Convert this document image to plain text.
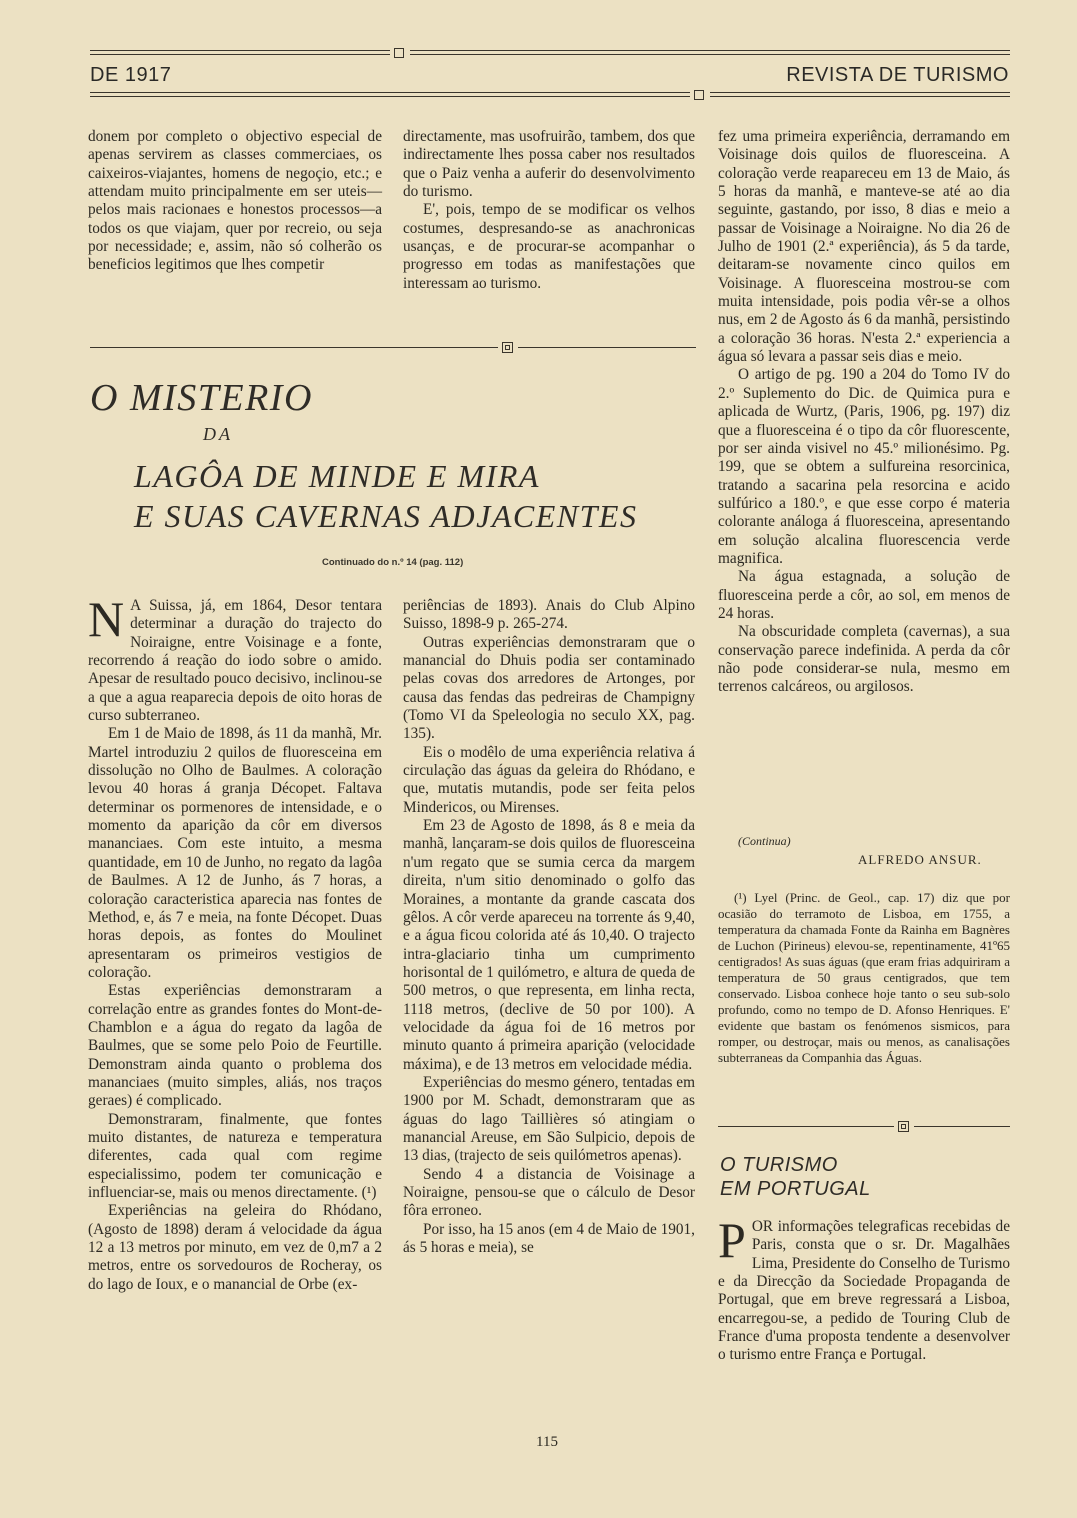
DE 1917	REVISTA DE TURISMO

donem por completo o objectivo especial de apenas servirem as classes commerciaes, os caixeiros-viajantes, homens de negoçio, etc.; e attendam muito principalmente em ser uteis—pelos mais racionaes e honestos processos—a todos os que viajam, quer por recreio, ou seja por necessidade; e, assim, não só colherão os beneficios legitimos que lhes competir

directamente, mas usofruirão, tambem, dos que indirectamente lhes possa caber nos resultados que o Paiz venha a auferir do desenvolvimento do turismo.

E', pois, tempo de se modificar os velhos costumes, despresando-se as anachronicas usanças, e de procurar-se acompanhar o progresso em todas as manifestações que interessam ao turismo.

O MISTERIO
DA
LAGÔA DE MINDE E MIRA
E SUAS CAVERNAS ADJACENTES
Continuado do n.º 14 (pag. 112)

N A Suissa, já, em 1864, Desor tentara determinar a duração do trajecto do Noiraigne, entre Voisinage e a fonte, recorrendo á reação do iodo sobre o amido. Apesar de resultado pouco decisivo, inclinou-se a que a agua reaparecia depois de oito horas de curso subterraneo.

Em 1 de Maio de 1898, ás 11 da manhã, Mr. Martel introduziu 2 quilos de fluoresceina em dissolução no Olho de Baulmes. A coloração levou 40 horas á granja Décopet. Faltava determinar os pormenores de intensidade, e o momento da aparição da côr em diversos mananciaes. Com este intuito, a mesma quantidade, em 10 de Junho, no regato da lagôa de Baulmes. A 12 de Junho, ás 7 horas, a coloração caracteristica aparecia nas fontes de Method, e, ás 7 e meia, na fonte Décopet. Duas horas depois, as fontes do Moulinet apresentaram os primeiros vestigios de coloração.

Estas experiências demonstraram a correlação entre as grandes fontes do Mont-de-Chamblon e a água do regato da lagôa de Baulmes, que se some pelo Poio de Feurtille. Demonstram ainda quanto o problema dos mananciaes (muito simples, aliás, nos traços geraes) é complicado.

Demonstraram, finalmente, que fontes muito distantes, de natureza e temperatura diferentes, cada qual com regime especialissimo, podem ter comunicação e influenciar-se, mais ou menos directamente. (¹)

Experiências na geleira do Rhódano, (Agosto de 1898) deram á velocidade da água 12 a 13 metros por minuto, em vez de 0,m7 a 2 metros, entre os sorvedouros de Rocheray, os do lago de Ioux, e o manancial de Orbe (ex-

periências de 1893). Anais do Club Alpino Suisso, 1898-9 p. 265-274.

Outras experiências demonstraram que o manancial do Dhuis podia ser contaminado pelas covas dos arredores de Artonges, por causa das fendas das pedreiras de Champigny (Tomo VI da Speleologia no seculo XX, pag. 135).

Eis o modêlo de uma experiência relativa á circulação das águas da geleira do Rhódano, e que, mutatis mutandis, pode ser feita pelos Mindericos, ou Mirenses.

Em 23 de Agosto de 1898, ás 8 e meia da manhã, lançaram-se dois quilos de fluoresceina n'um regato que se sumia cerca da margem direita, n'um sitio denominado o golfo das Moraines, a montante da grande cascata dos gêlos. A côr verde apareceu na torrente ás 9,40, e a água ficou colorida até ás 10,40. O trajecto intra-glaciario tinha um cumprimento horisontal de 1 quilómetro, e altura de queda de 500 metros, o que representa, em linha recta, 1118 metros, (declive de 50 por 100). A velocidade da água foi de 16 metros por minuto quanto á primeira aparição (velocidade máxima), e de 13 metros em velocidade média.

Experiências do mesmo género, tentadas em 1900 por M. Schadt, demonstraram que as águas do lago Taillières só atingiam o manancial Areuse, em São Sulpicio, depois de 13 dias, (trajecto de seis quilómetros apenas).

Sendo 4 a distancia de Voisinage a Noiraigne, pensou-se que o cálculo de Desor fôra erroneo.

Por isso, ha 15 anos (em 4 de Maio de 1901, ás 5 horas e meia), se

fez uma primeira experiência, derramando em Voisinage dois quilos de fluoresceina. A coloração verde reapareceu em 13 de Maio, ás 5 horas da manhã, e manteve-se até ao dia seguinte, gastando, por isso, 8 dias e meio a passar de Voisinage a Noiraigne. No dia 26 de Julho de 1901 (2.ª experiência), ás 5 da tarde, deitaram-se novamente cinco quilos em Voisinage. A fluoresceina mostrou-se com muita intensidade, pois podia vêr-se a olhos nus, em 2 de Agosto ás 6 da manhã, persistindo a coloração 36 horas. N'esta 2.ª experiencia a água só levara a passar seis dias e meio.

O artigo de pg. 190 a 204 do Tomo IV do 2.º Suplemento do Dic. de Quimica pura e aplicada de Wurtz, (Paris, 1906, pg. 197) diz que a fluoresceina é o tipo da côr fluorescente, por ser ainda visivel no 45.º milionésimo. Pg. 199, que se obtem a sulfureina resorcinica, tratando a sacarina pela resorcina e acido sulfúrico a 180.º, e que esse corpo é materia colorante análoga á fluoresceina, apresentando em solução alcalina fluorescencia verde magnifica.

Na água estagnada, a solução de fluoresceina perde a côr, ao sol, em menos de 24 horas.

Na obscuridade completa (cavernas), a sua conservação parece indefinida. A perda da côr não pode considerar-se nula, mesmo em terrenos calcáreos, ou argilosos.

(Continua)
ALFREDO ANSUR.

(¹) Lyel (Princ. de Geol., cap. 17) diz que por ocasião do terramoto de Lisboa, em 1755, a temperatura da chamada Fonte da Rainha em Bagnères de Luchon (Pirineus) elevou-se, repentinamente, 41º65 centigrados! As suas águas (que eram frias adquiriram a temperatura de 50 graus centigrados, que tem conservado. Lisboa conhece hoje tanto o seu sub-solo profundo, como no tempo de D. Afonso Henriques. E' evidente que bastam os fenómenos sismicos, para romper, ou destroçar, mais ou menos, as canalisações subterraneas da Companhia das Águas.

O TURISMO
EM PORTUGAL

POR informações telegraficas recebidas de Paris, consta que o sr. Dr. Magalhães Lima, Presidente do Conselho de Turismo e da Direcção da Sociedade Propaganda de Portugal, que em breve regressará a Lisboa, encarregou-se, a pedido de Touring Club de France d'uma proposta tendente a desenvolver o turismo entre França e Portugal.

115
